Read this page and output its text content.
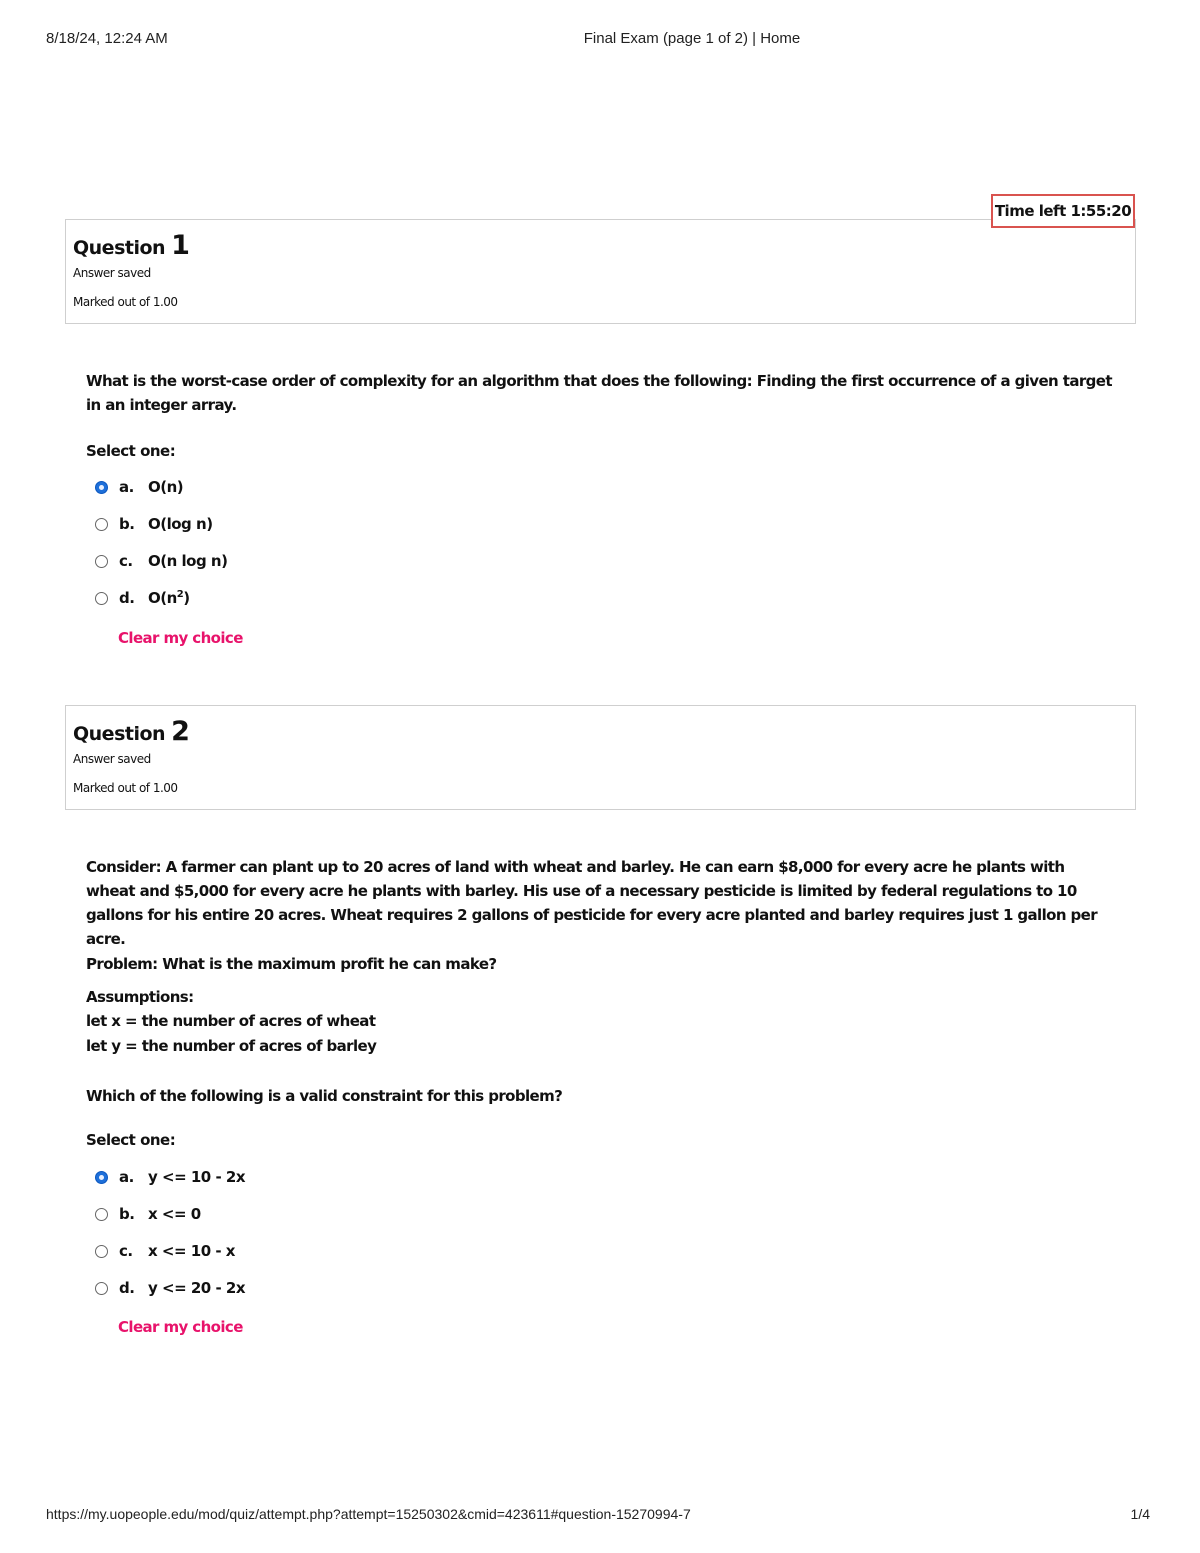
8/18/24, 12:24 AM	Final Exam (page 1 of 2) | Home
Time left 1:55:20
Question 1
Answer saved
Marked out of 1.00
What is the worst-case order of complexity for an algorithm that does the following: Finding the first occurrence of a given target in an integer array.
Select one:
a. O(n)
b. O(log n)
c.	O(n log n)
d. $O(n^2)$
Clear my choice
Question 2
Answer saved
Marked out of 1.00
Consider: A farmer can plant up to 20 acres of land with wheat and barley. He can earn $8,000 for every acre he plants with wheat and $5,000 for every acre he plants with barley. His use of a necessary pesticide is limited by federal regulations to 10 gallons for his entire 20 acres. Wheat requires 2 gallons of pesticide for every acre planted and barley requires just 1 gallon per acre.
Problem: What is the maximum profit he can make?
Assumptions:
let x = the number of acres of wheat
let y = the number of acres of barley
Which of the following is a valid constraint for this problem?
Select one:
a. y <= 10 - 2x
b. x <= 0
c.	x <= 10 - x
d. y <= 20 - 2x
Clear my choice
https://my.uopeople.edu/mod/quiz/attempt.php?attempt=15250302&cmid=423611#question-15270994-7	1/4
